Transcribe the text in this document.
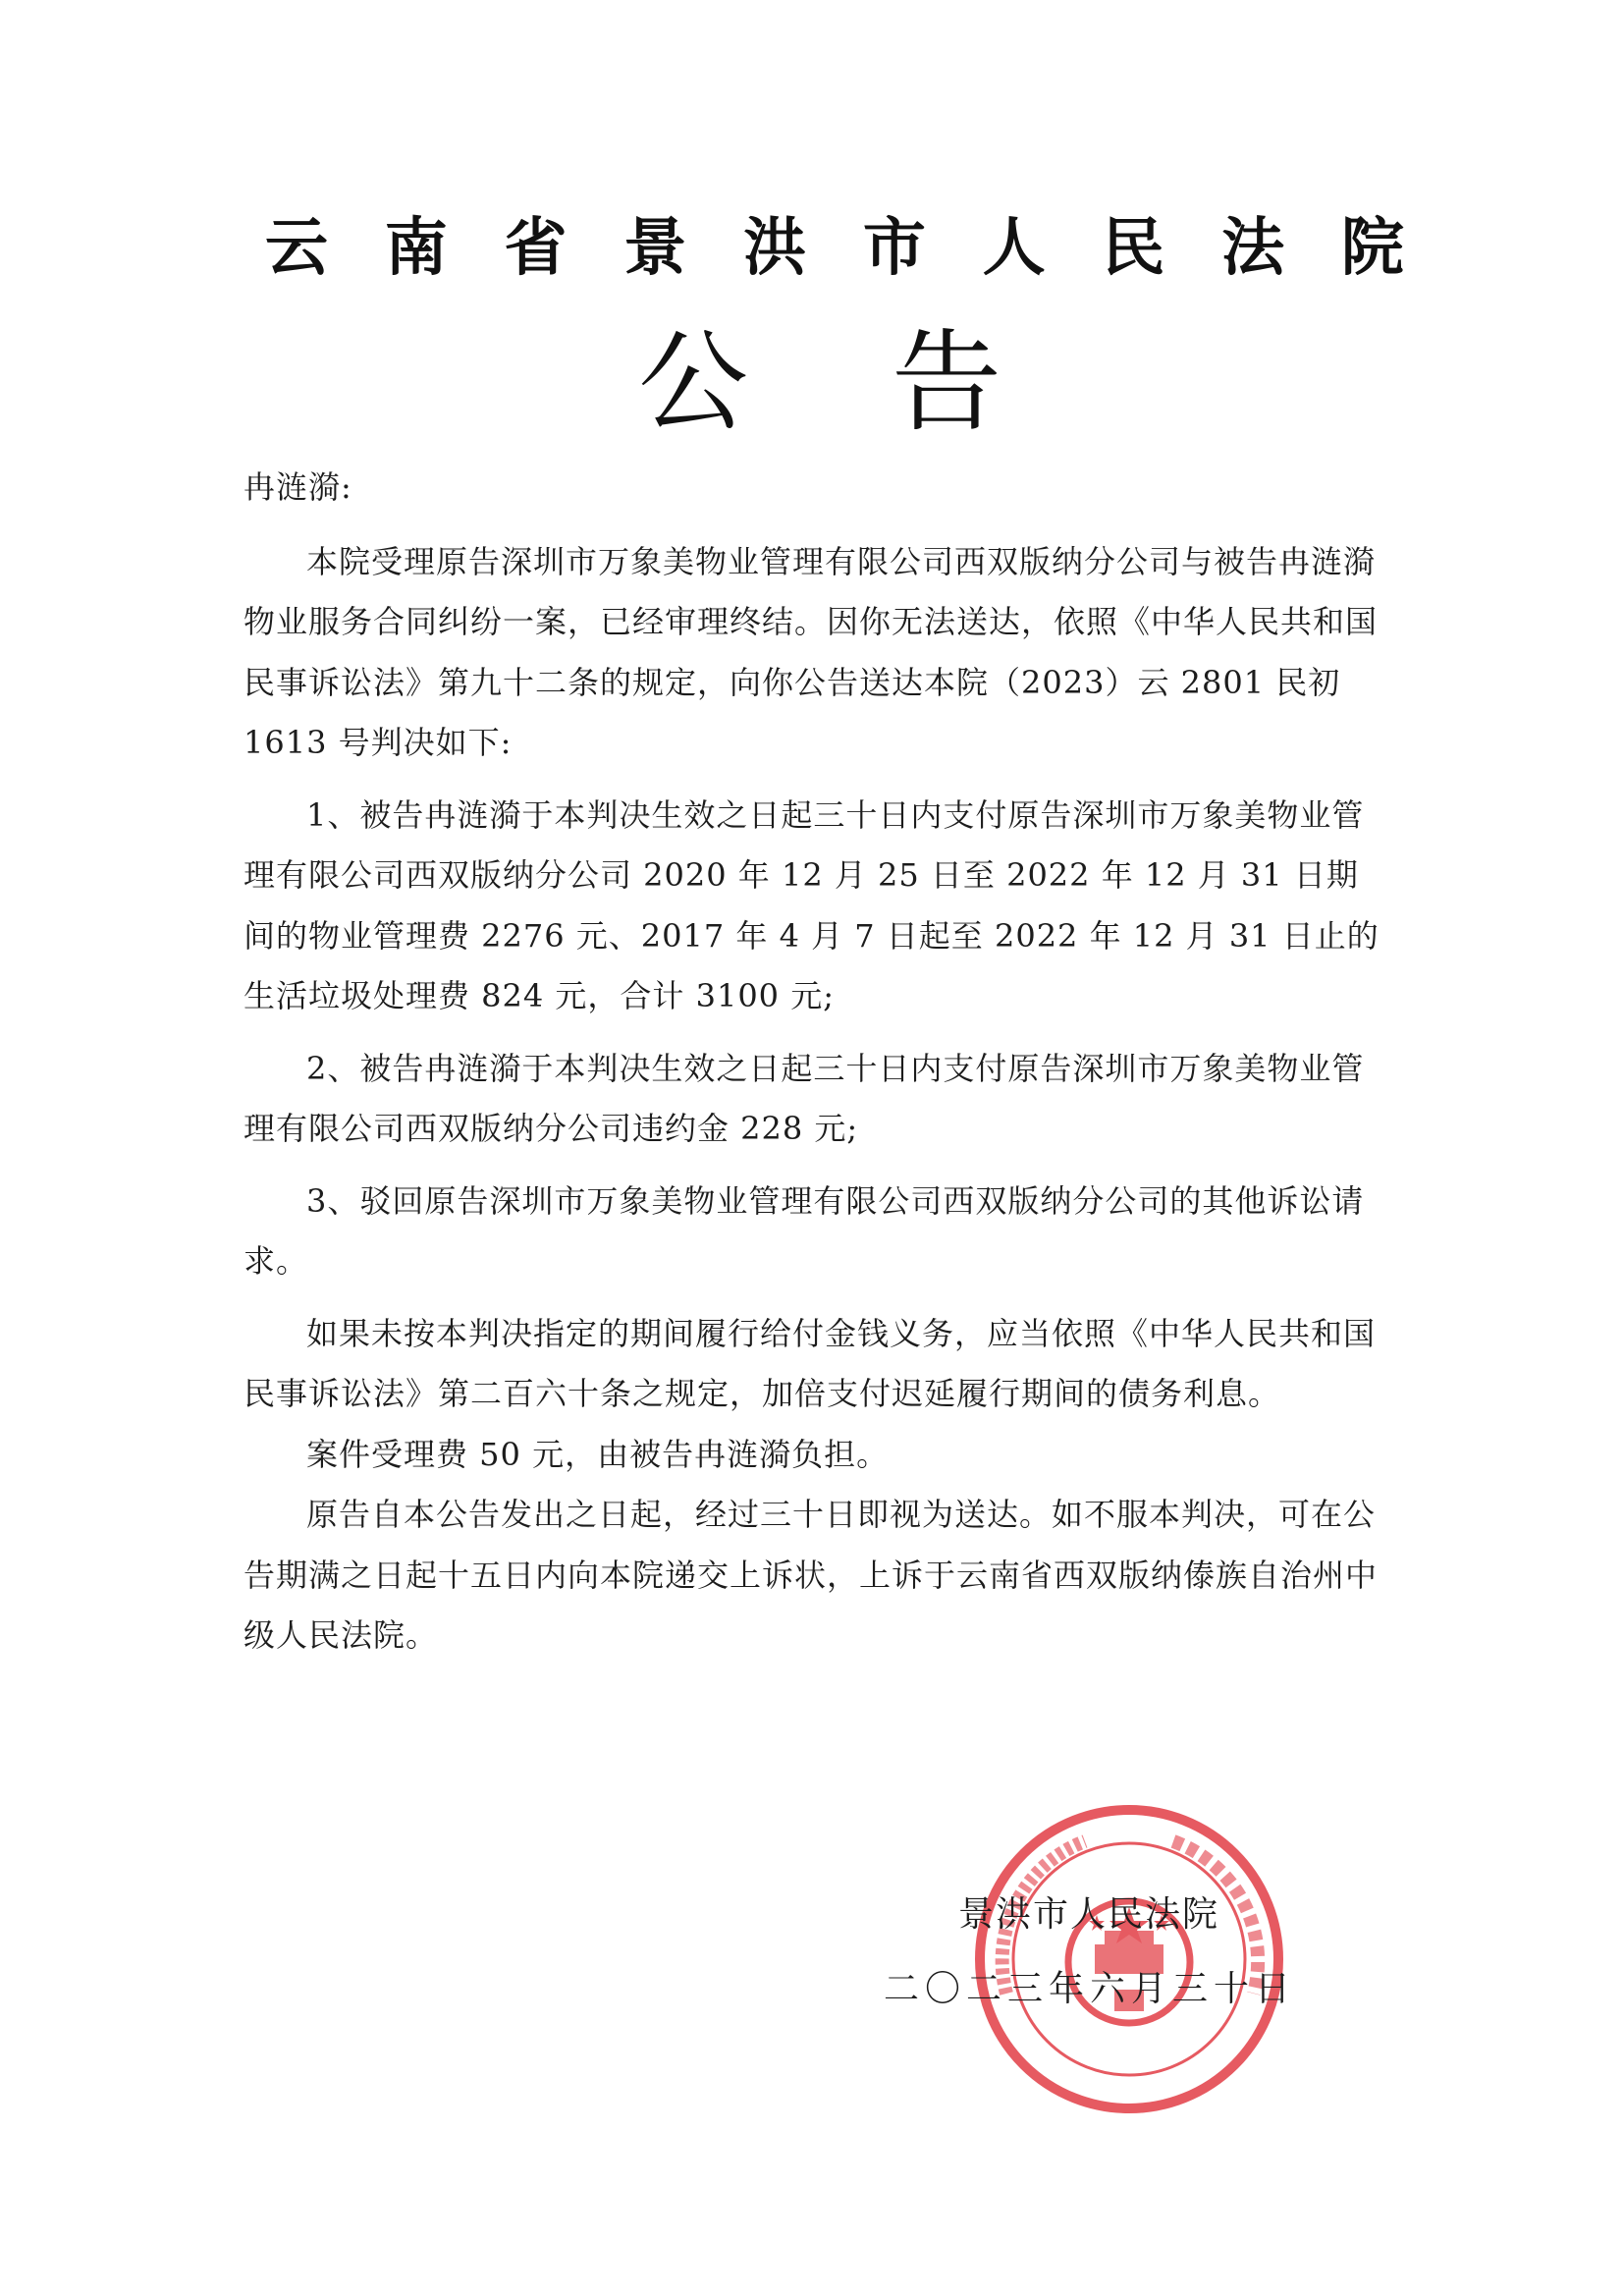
云 南 省 景 洪 市 人 民 法 院
公 告

冉涟漪:

本院受理原告深圳市万象美物业管理有限公司西双版纳分公司与被告冉涟漪物业服务合同纠纷一案，已经审理终结。因你无法送达，依照《中华人民共和国民事诉讼法》第九十二条的规定，向你公告送达本院（2023）云 2801 民初 1613 号判决如下:

1、被告冉涟漪于本判决生效之日起三十日内支付原告深圳市万象美物业管理有限公司西双版纳分公司 2020 年 12 月 25 日至 2022 年 12 月 31 日期间的物业管理费 2276 元、2017 年 4 月 7 日起至 2022 年 12 月 31 日止的生活垃圾处理费 824 元，合计 3100 元;

2、被告冉涟漪于本判决生效之日起三十日内支付原告深圳市万象美物业管理有限公司西双版纳分公司违约金 228 元;

3、驳回原告深圳市万象美物业管理有限公司西双版纳分公司的其他诉讼请求。

如果未按本判决指定的期间履行给付金钱义务，应当依照《中华人民共和国民事诉讼法》第二百六十条之规定，加倍支付迟延履行期间的债务利息。

案件受理费 50 元，由被告冉涟漪负担。

原告自本公告发出之日起，经过三十日即视为送达。如不服本判决，可在公告期满之日起十五日内向本院递交上诉状，上诉于云南省西双版纳傣族自治州中级人民法院。

景洪市人民法院
二〇二三年六月三十日
